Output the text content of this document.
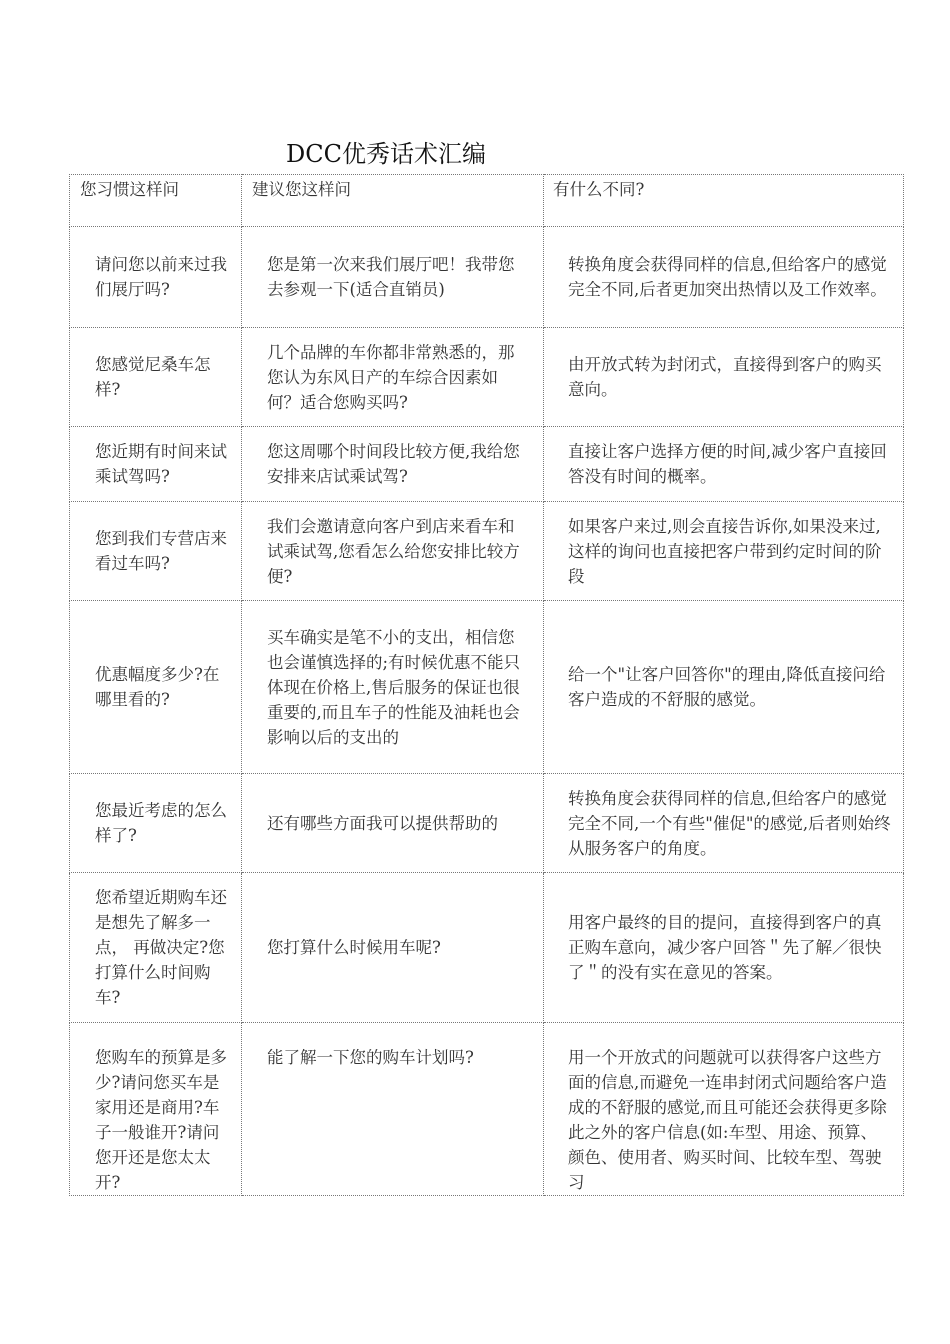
DCC优秀话术汇编
您习惯这样问	建议您这样问	有什么不同?
请问您以前来过我们展厅吗?	您是第一次来我们展厅吧！我带您去参观一下(适合直销员)	转换角度会获得同样的信息,但给客户的感觉完全不同,后者更加突出热情以及工作效率。
您感觉尼桑车怎样?	几个品牌的车你都非常熟悉的，那您认为东风日产的车综合因素如何？适合您购买吗?	由开放式转为封闭式，直接得到客户的购买意向。
您近期有时间来试乘试驾吗?	您这周哪个时间段比较方便,我给您安排来店试乘试驾?	直接让客户选择方便的时间,减少客户直接回答没有时间的概率。
您到我们专营店来看过车吗?	我们会邀请意向客户到店来看车和试乘试驾,您看怎么给您安排比较方便?	如果客户来过,则会直接告诉你,如果没来过,这样的询问也直接把客户带到约定时间的阶段
优惠幅度多少?在哪里看的?	买车确实是笔不小的支出，相信您也会谨慎选择的;有时候优惠不能只体现在价格上,售后服务的保证也很重要的,而且车子的性能及油耗也会影响以后的支出的	给一个"让客户回答你"的理由,降低直接问给客户造成的不舒服的感觉。
您最近考虑的怎么样了?	还有哪些方面我可以提供帮助的	转换角度会获得同样的信息,但给客户的感觉完全不同,一个有些"催促"的感觉,后者则始终从服务客户的角度。
您希望近期购车还是想先了解多一点， 再做决定?您打算什么时间购车?	您打算什么时候用车呢?	用客户最终的目的提问，直接得到客户的真正购车意向，减少客户回答＂先了解／很快了＂的没有实在意见的答案。
您购车的预算是多少?请问您买车是家用还是商用?车子一般谁开?请问您开还是您太太开?	能了解一下您的购车计划吗?	用一个开放式的问题就可以获得客户这些方面的信息,而避免一连串封闭式问题给客户造成的不舒服的感觉,而且可能还会获得更多除此之外的客户信息(如:车型、用途、预算、颜色、使用者、购买时间、比较车型、驾驶习
